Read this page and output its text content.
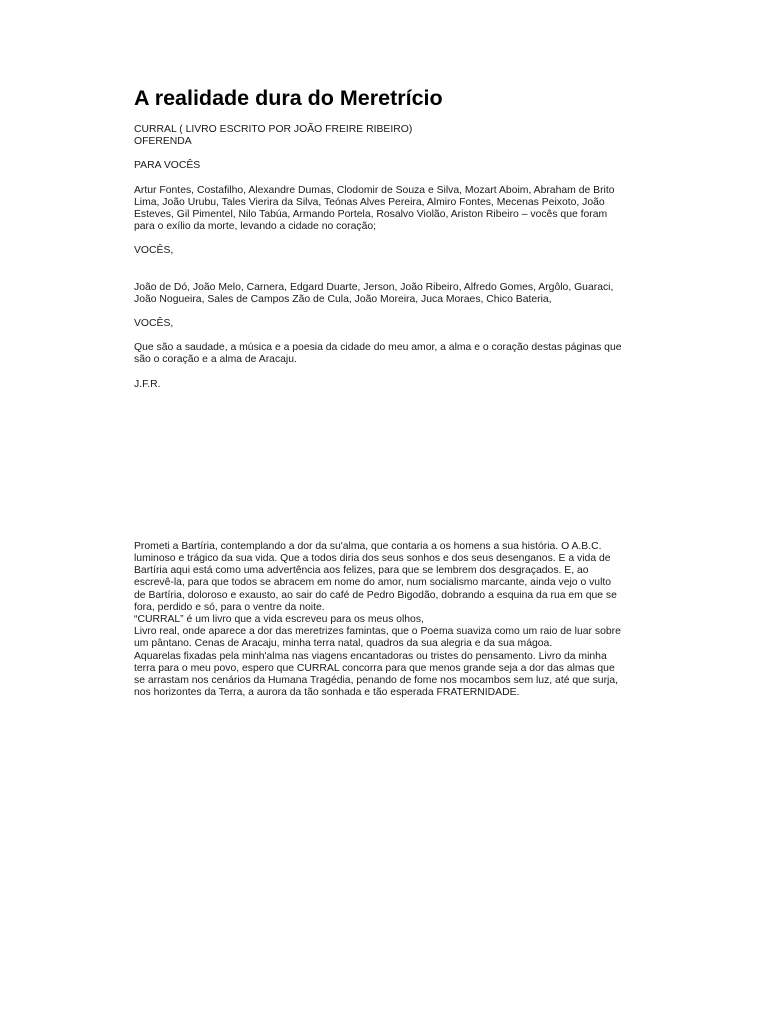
A realidade dura do Meretrício

CURRAL ( LIVRO ESCRITO POR JOÃO FREIRE RIBEIRO)
OFERENDA

PARA VOCÊS

Artur Fontes, Costafilho, Alexandre Dumas, Clodomir de Souza e Silva, Mozart Aboim, Abraham de Brito
Lima, João Urubu, Tales Vierira da Silva, Teónas Alves Pereira, Almiro Fontes, Mecenas Peixoto, João
Esteves, Gil Pimentel, Nilo Tabúa, Armando Portela, Rosalvo Violão, Ariston Ribeiro – vocês que foram
para o exílio da morte, levando a cidade no coração;

VOCÊS,

João de Dó, João Melo, Carnera, Edgard Duarte, Jerson, João Ribeiro, Alfredo Gomes, Argôlo, Guaraci,
João Nogueira, Sales de Campos Zão de Cula, João Moreira, Juca Moraes, Chico Bateria,

VOCÊS,

Que são a saudade, a música e a poesia da cidade do meu amor, a alma e o coração destas páginas que
são o coração e a alma de Aracaju.

J.F.R.

Prometi a Bartíria, contemplando a dor da su'alma, que contaria a os homens a sua história. O A.B.C.
luminoso e trágico da sua vida. Que a todos diria dos seus sonhos e dos seus desenganos. E a vida de
Bartíria aqui está como uma advertência aos felizes, para que se lembrem dos desgraçados. E, ao
escrevê-la, para que todos se abracem em nome do amor, num socialismo marcante, ainda vejo o vulto
de Bartíria, doloroso e exausto, ao sair do café de Pedro Bigodão, dobrando a esquina da rua em que se
fora, perdido e só, para o ventre da noite.
“CURRAL” é um livro que a vida escreveu para os meus olhos,
Livro real, onde aparece a dor das meretrizes famintas, que o Poema suaviza como um raio de luar sobre
um pântano. Cenas de Aracaju, minha terra natal, quadros da sua alegria e da sua mágoa.
Aquarelas fixadas pela minh'alma nas viagens encantadoras ou tristes do pensamento. Livro da minha
terra para o meu povo, espero que CURRAL concorra para que menos grande seja a dor das almas que
se arrastam nos cenários da Humana Tragédia, penando de fome nos mocambos sem luz, até que surja,
nos horizontes da Terra, a aurora da tão sonhada e tão esperada FRATERNIDADE.
